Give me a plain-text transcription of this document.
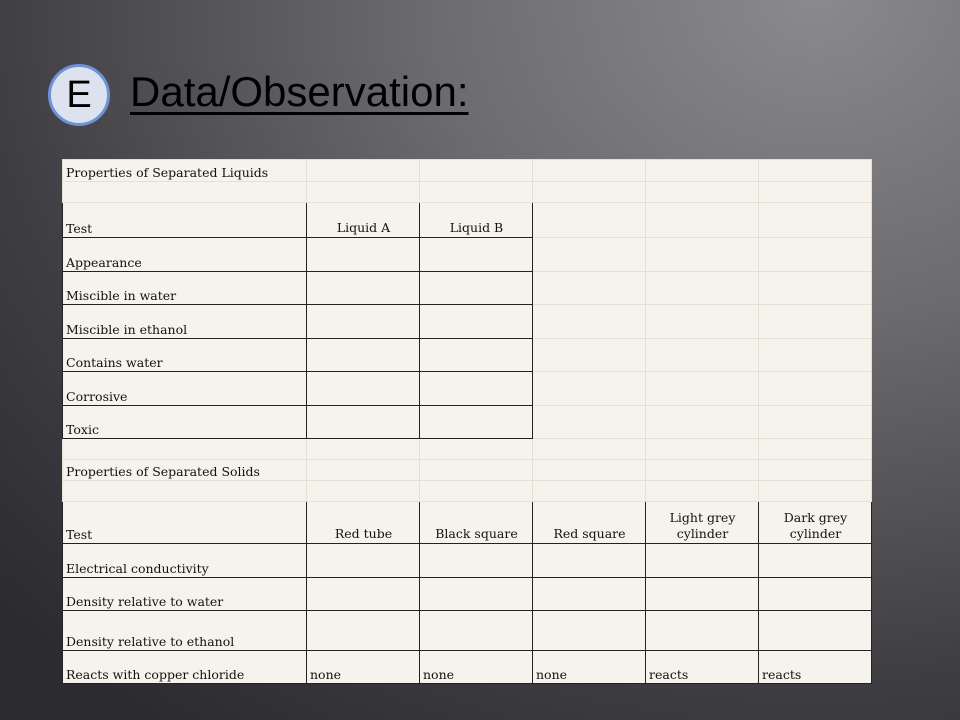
E Data/Observation:
Properties of Separated Liquids					

Test	Liquid A	Liquid B			
Appearance					
Miscible in water					
Miscible in ethanol					
Contains water					
Corrosive					
Toxic					

Properties of Separated Solids					

Test	Red tube	Black square	Red square	Light grey cylinder	Dark grey cylinder
Electrical conductivity					
Density relative to water					
Density relative to ethanol					
Reacts with copper chloride	none	none	none	reacts	reacts
